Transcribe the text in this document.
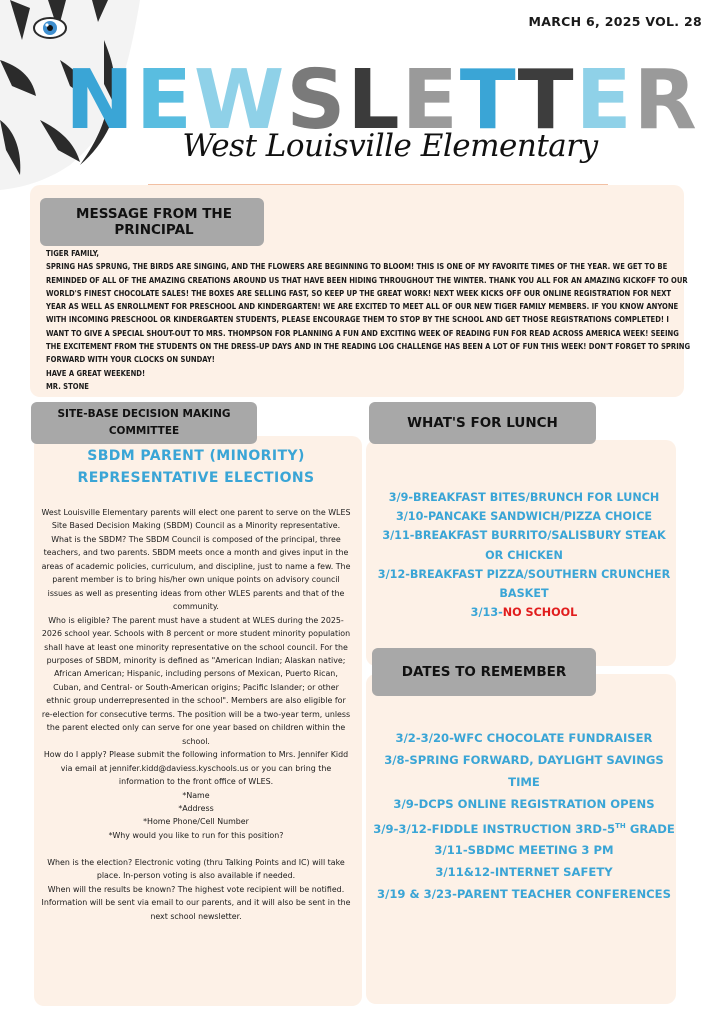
MARCH 6, 2025 VOL. 28
N E W S L E T T E R
West Louisville Elementary
MESSAGE FROM THE PRINCIPAL

TIGER FAMILY,

SPRING HAS SPRUNG, THE BIRDS ARE SINGING, AND THE FLOWERS ARE BEGINNING TO BLOOM! THIS IS ONE OF MY FAVORITE TIMES OF THE YEAR. WE GET TO BE REMINDED OF ALL OF THE AMAZING CREATIONS AROUND US THAT HAVE BEEN HIDING THROUGHOUT THE WINTER. THANK YOU ALL FOR AN AMAZING KICKOFF TO OUR WORLD'S FINEST CHOCOLATE SALES! THE BOXES ARE SELLING FAST, SO KEEP UP THE GREAT WORK! NEXT WEEK KICKS OFF OUR ONLINE REGISTRATION FOR NEXT YEAR AS WELL AS ENROLLMENT FOR PRESCHOOL AND KINDERGARTEN! WE ARE EXCITED TO MEET ALL OF OUR NEW TIGER FAMILY MEMBERS. IF YOU KNOW ANYONE WITH INCOMING PRESCHOOL OR KINDERGARTEN STUDENTS, PLEASE ENCOURAGE THEM TO STOP BY THE SCHOOL AND GET THOSE REGISTRATIONS COMPLETED! I WANT TO GIVE A SPECIAL SHOUT-OUT TO MRS. THOMPSON FOR PLANNING A FUN AND EXCITING WEEK OF READING FUN FOR READ ACROSS AMERICA WEEK! SEEING THE EXCITEMENT FROM THE STUDENTS ON THE DRESS-UP DAYS AND IN THE READING LOG CHALLENGE HAS BEEN A LOT OF FUN THIS WEEK! DON'T FORGET TO SPRING FORWARD WITH YOUR CLOCKS ON SUNDAY!

HAVE A GREAT WEEKEND!

MR. STONE

SITE-BASE DECISION MAKING COMMITTEE
SBDM PARENT (MINORITY) REPRESENTATIVE ELECTIONS

West Louisville Elementary parents will elect one parent to serve on the WLES Site Based Decision Making (SBDM) Council as a Minority representative.

What is the SBDM? The SBDM Council is composed of the principal, three teachers, and two parents. SBDM meets once a month and gives input in the areas of academic policies, curriculum, and discipline, just to name a few. The parent member is to bring his/her own unique points on advisory council issues as well as presenting ideas from other WLES parents and that of the community.

Who is eligible? The parent must have a student at WLES during the 2025-2026 school year. Schools with 8 percent or more student minority population shall have at least one minority representative on the school council. For the purposes of SBDM, minority is defined as "American Indian; Alaskan native; African American; Hispanic, including persons of Mexican, Puerto Rican, Cuban, and Central- or South-American origins; Pacific Islander; or other ethnic group underrepresented in the school". Members are also eligible for re-election for consecutive terms. The position will be a two-year term, unless the parent elected only can serve for one year based on children within the school.

How do I apply? Please submit the following information to Mrs. Jennifer Kidd via email at jennifer.kidd@daviess.kyschools.us or you can bring the information to the front office of WLES.

*Name

*Address

*Home Phone/Cell Number

*Why would you like to run for this position?

When is the election? Electronic voting (thru Talking Points and IC) will take place. In-person voting is also available if needed.

When will the results be known? The highest vote recipient will be notified. Information will be sent via email to our parents, and it will also be sent in the next school newsletter.

WHAT'S FOR LUNCH

3/9-BREAKFAST BITES/BRUNCH FOR LUNCH

3/10-PANCAKE SANDWICH/PIZZA CHOICE

3/11-BREAKFAST BURRITO/SALISBURY STEAK OR CHICKEN

3/12-BREAKFAST PIZZA/SOUTHERN CRUNCHER BASKET

3/13-NO SCHOOL

DATES TO REMEMBER

3/2-3/20-WFC CHOCOLATE FUNDRAISER

3/8-SPRING FORWARD, DAYLIGHT SAVINGS TIME

3/9-DCPS ONLINE REGISTRATION OPENS

3/9-3/12-FIDDLE INSTRUCTION 3RD-5TH GRADE

3/11-SBDMC MEETING 3 PM

3/11&12-INTERNET SAFETY

3/19 & 3/23-PARENT TEACHER CONFERENCES
